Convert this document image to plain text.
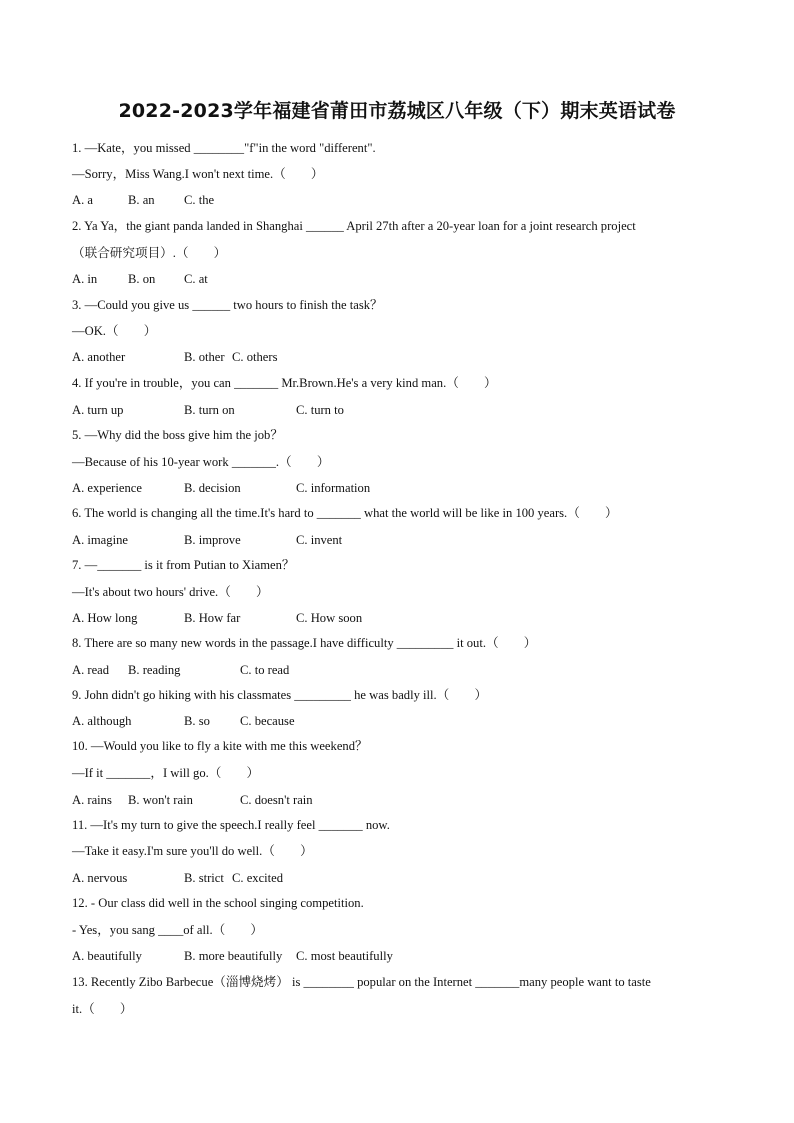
2022-2023学年福建省莆田市荔城区八年级（下）期末英语试卷
1. —Kate，you missed ________"f"in the word "different".
—Sorry，Miss Wang.I won't next time.（　　）
A. a	B. an C. the
2. Ya Ya，the giant panda landed in Shanghai ______ April 27th after a 20-year loan for a joint research project
（联合研究项目）.（　　）
A. in B. on C. at
3. —Could you give us ______ two hours to finish the task？
—OK.（　　）
A. another	B. other C. others
4. If you're in trouble，you can _______ Mr.Brown.He's a very kind man.（　　）
A. turn up	B. turn on	C. turn to
5. —Why did the boss give him the job？
—Because of his 10-year work _______.（　　）
A. experience	B. decision	C. information
6. The world is changing all the time.It's hard to _______ what the world will be like in 100 years.（　　）
A. imagine	B. improve	C. invent
7. —_______ is it from Putian to Xiamen？
—It's about two hours' drive.（　　）
A. How long	B. How far	C. How soon
8. There are so many new words in the passage.I have difficulty _________ it out.（　　）
A. read B. reading	C. to read
9. John didn't go hiking with his classmates _________ he was badly ill.（　　）
A. although	B. so C. because
10. —Would you like to fly a kite with me this weekend？
—If it _______，I will go.（　　）
A. rains B. won't rain	C. doesn't rain
11. —It's my turn to give the speech.I really feel _______ now.
—Take it easy.I'm sure you'll do well.（　　）
A. nervous	B. strict C. excited
12. - Our class did well in the school singing competition.
- Yes，you sang ____of all.（　　）
A. beautifully	B. more beautifully C. most beautifully
13. Recently Zibo Barbecue（淄博烧烤） is ________ popular on the Internet _______many people want to taste
it.（　　）
